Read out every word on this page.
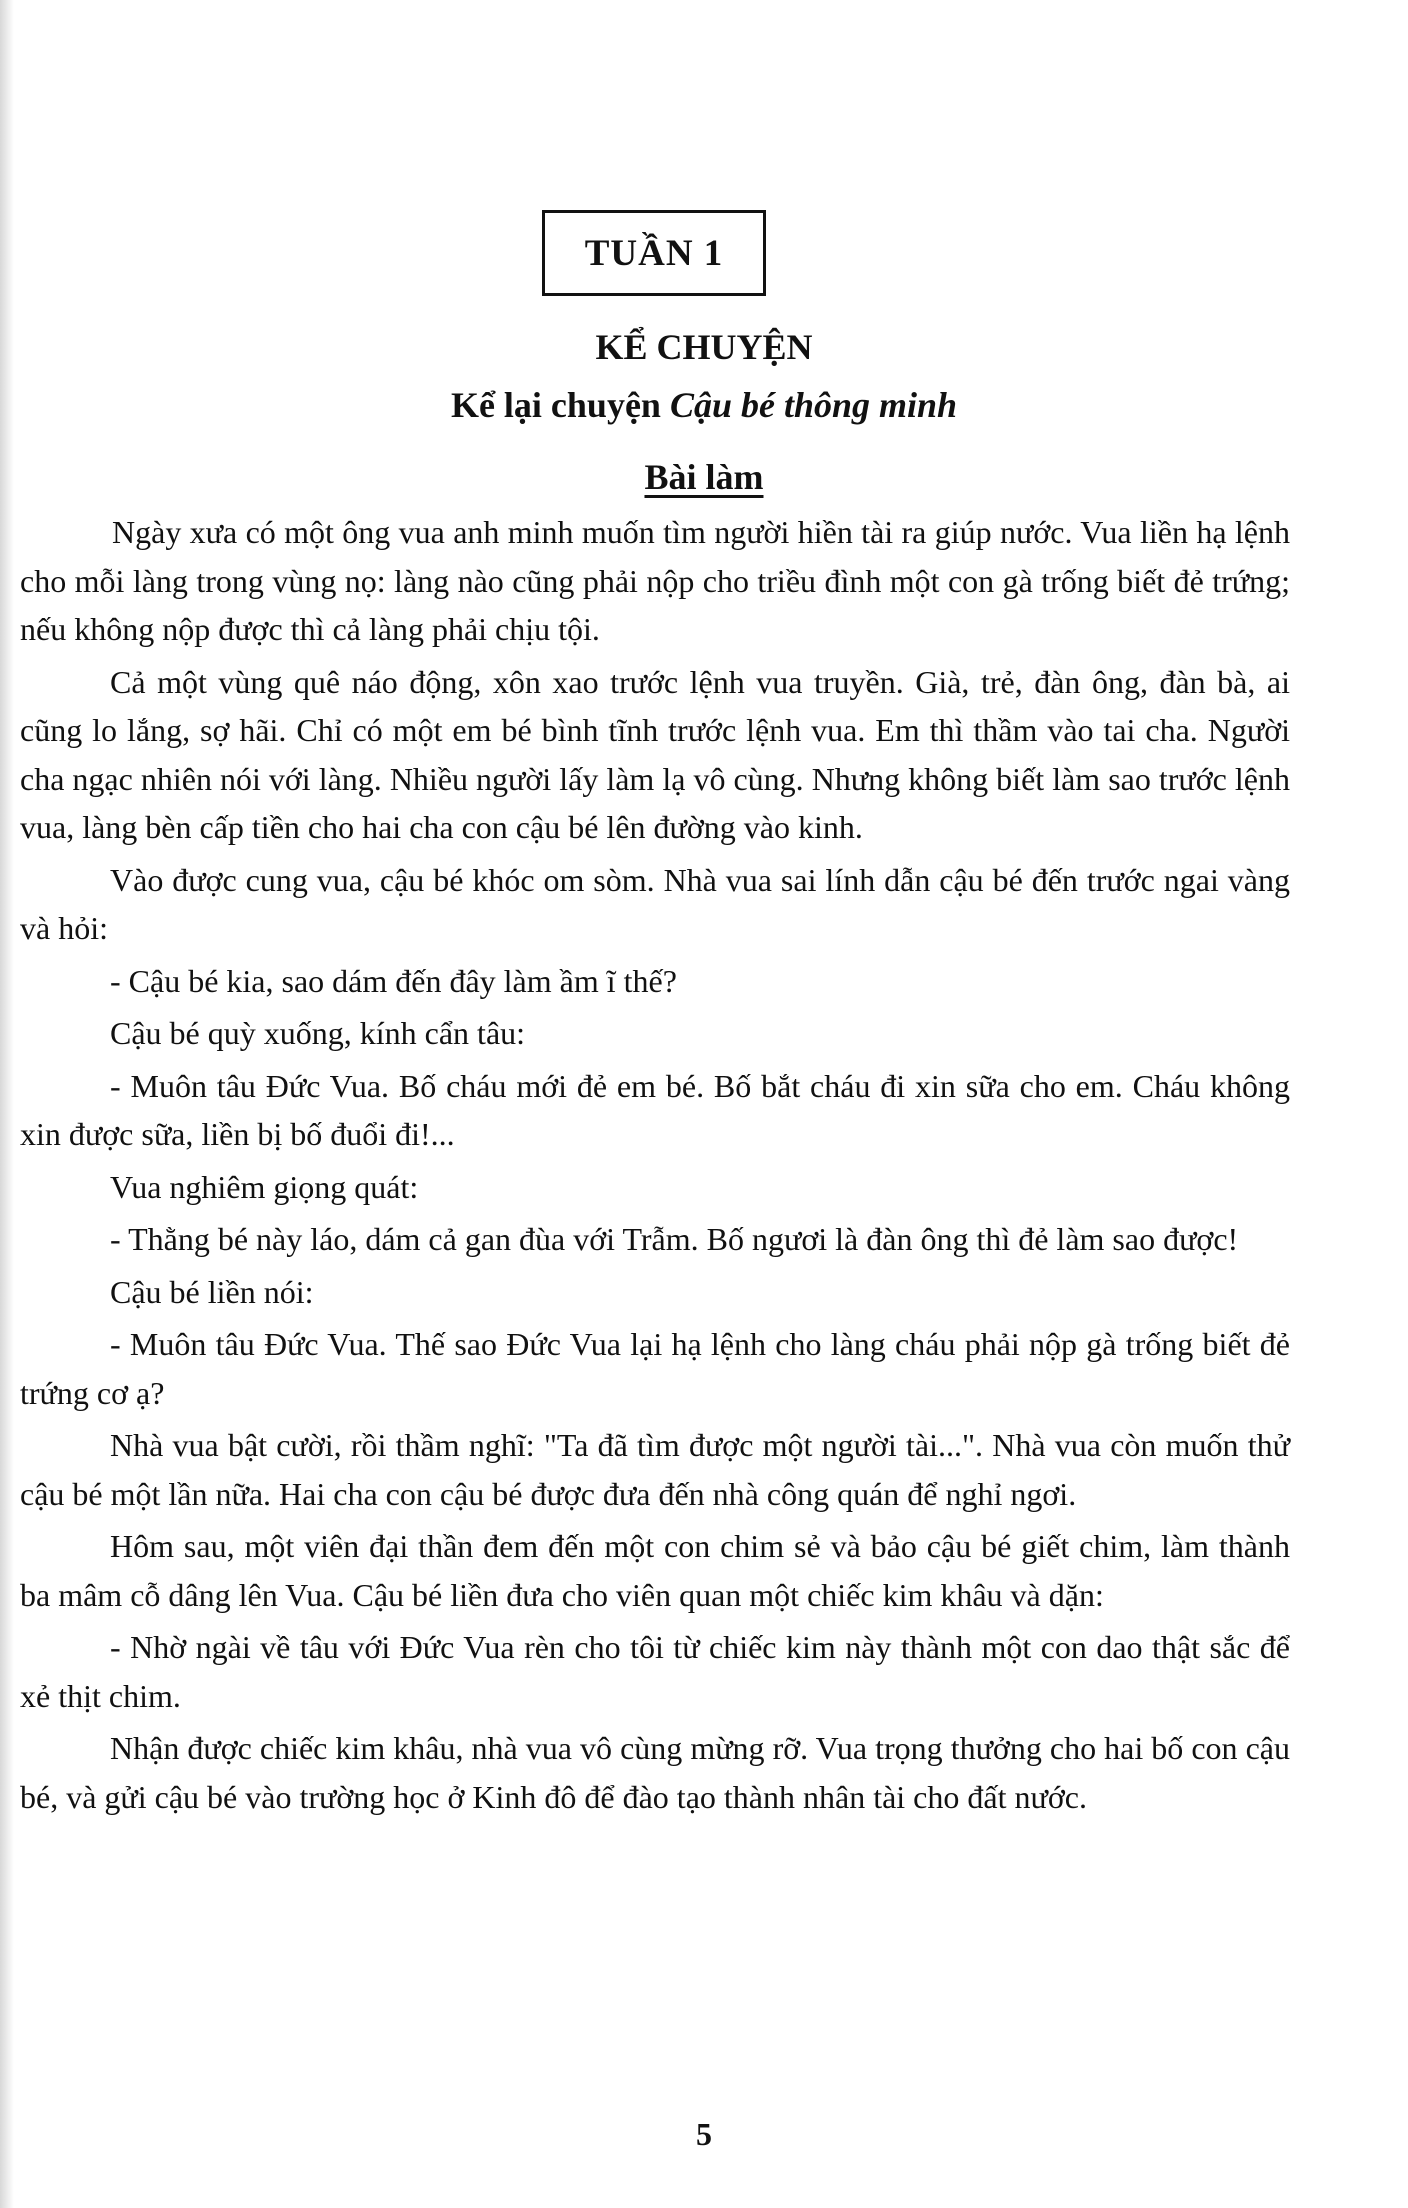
TUẦN 1
KỂ CHUYỆN
Kể lại chuyện Cậu bé thông minh
Bài làm

Ngày xưa có một ông vua anh minh muốn tìm người hiền tài ra giúp nước. Vua liền hạ lệnh cho mỗi làng trong vùng nọ: làng nào cũng phải nộp cho triều đình một con gà trống biết đẻ trứng; nếu không nộp được thì cả làng phải chịu tội.

Cả một vùng quê náo động, xôn xao trước lệnh vua truyền. Già, trẻ, đàn ông, đàn bà, ai cũng lo lắng, sợ hãi. Chỉ có một em bé bình tĩnh trước lệnh vua. Em thì thầm vào tai cha. Người cha ngạc nhiên nói với làng. Nhiều người lấy làm lạ vô cùng. Nhưng không biết làm sao trước lệnh vua, làng bèn cấp tiền cho hai cha con cậu bé lên đường vào kinh.

Vào được cung vua, cậu bé khóc om sòm. Nhà vua sai lính dẫn cậu bé đến trước ngai vàng và hỏi:

- Cậu bé kia, sao dám đến đây làm ầm ĩ thế?

Cậu bé quỳ xuống, kính cẩn tâu:

- Muôn tâu Đức Vua. Bố cháu mới đẻ em bé. Bố bắt cháu đi xin sữa cho em. Cháu không xin được sữa, liền bị bố đuổi đi!...

Vua nghiêm giọng quát:

- Thằng bé này láo, dám cả gan đùa với Trẫm. Bố ngươi là đàn ông thì đẻ làm sao được!

Cậu bé liền nói:

- Muôn tâu Đức Vua. Thế sao Đức Vua lại hạ lệnh cho làng cháu phải nộp gà trống biết đẻ trứng cơ ạ?

Nhà vua bật cười, rồi thầm nghĩ: "Ta đã tìm được một người tài...". Nhà vua còn muốn thử cậu bé một lần nữa. Hai cha con cậu bé được đưa đến nhà công quán để nghỉ ngơi.

Hôm sau, một viên đại thần đem đến một con chim sẻ và bảo cậu bé giết chim, làm thành ba mâm cỗ dâng lên Vua. Cậu bé liền đưa cho viên quan một chiếc kim khâu và dặn:

- Nhờ ngài về tâu với Đức Vua rèn cho tôi từ chiếc kim này thành một con dao thật sắc để xẻ thịt chim.

Nhận được chiếc kim khâu, nhà vua vô cùng mừng rỡ. Vua trọng thưởng cho hai bố con cậu bé, và gửi cậu bé vào trường học ở Kinh đô để đào tạo thành nhân tài cho đất nước.

5
